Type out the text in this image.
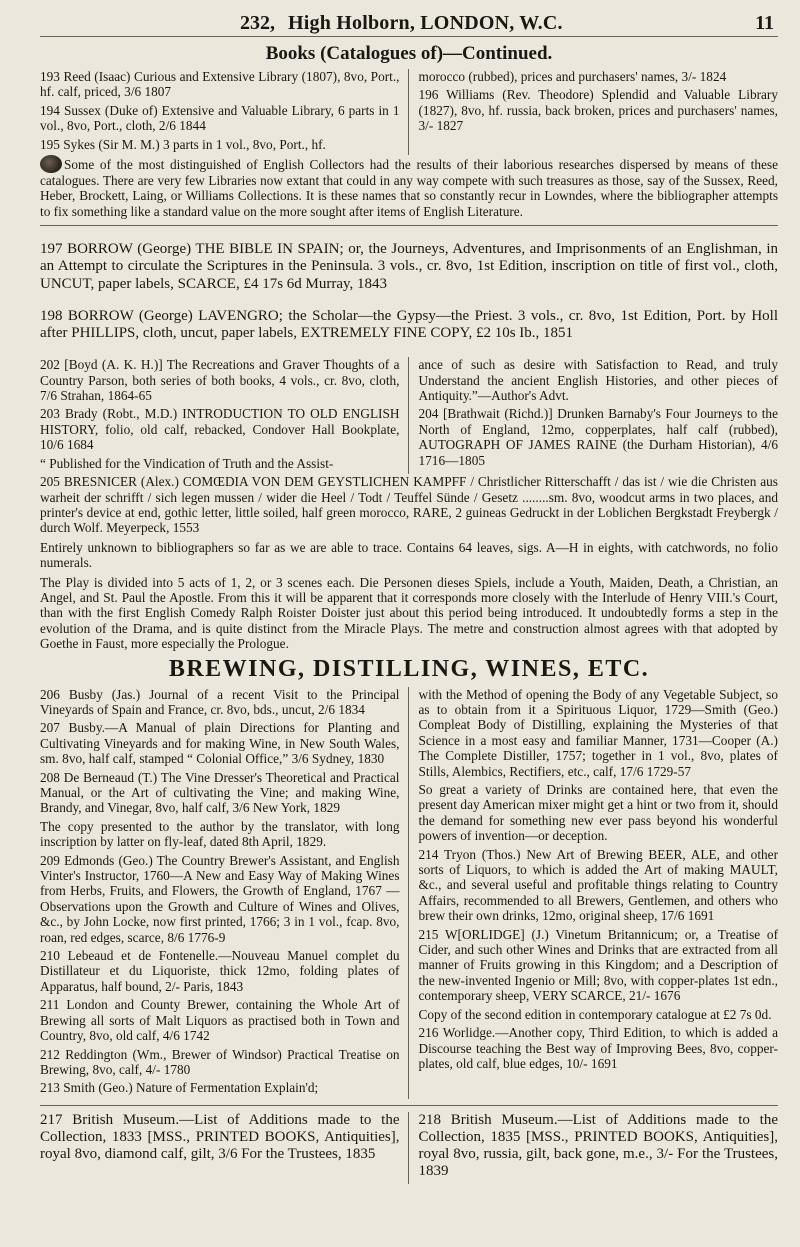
232, High Holborn, LONDON, W.C.	11
Books (Catalogues of)—Continued.

193 Reed (Isaac) Curious and Extensive Library (1807), 8vo, Port., hf. calf, priced, 3/6 1807

194 Sussex (Duke of) Extensive and Valuable Library, 6 parts in 1 vol., 8vo, Port., cloth, 2/6 1844

195 Sykes (Sir M. M.) 3 parts in 1 vol., 8vo, Port., hf.

morocco (rubbed), prices and purchasers' names, 3/- 1824

196 Williams (Rev. Theodore) Splendid and Valuable Library (1827), 8vo, hf. russia, back broken, prices and purchasers' names, 3/- 1827

Some of the most distinguished of English Collectors had the results of their laborious researches dispersed by means of these catalogues. There are very few Libraries now extant that could in any way compete with such treasures as those, say of the Sussex, Reed, Heber, Brockett, Laing, or Williams Collections. It is these names that so constantly recur in Lowndes, where the bibliographer attempts to fix something like a standard value on the more sought after items of English Literature.

197 BORROW (George) THE BIBLE IN SPAIN; or, the Journeys, Adventures, and Imprisonments of an Englishman, in an Attempt to circulate the Scriptures in the Peninsula. 3 vols., cr. 8vo, 1st Edition, inscription on title of first vol., cloth, UNCUT, paper labels, SCARCE, £4 17s 6d Murray, 1843

198 BORROW (George) LAVENGRO; the Scholar—the Gypsy—the Priest. 3 vols., cr. 8vo, 1st Edition, Port. by Holl after PHILLIPS, cloth, uncut, paper labels, EXTREMELY FINE COPY, £2 10s Ib., 1851

202 [Boyd (A. K. H.)] The Recreations and Graver Thoughts of a Country Parson, both series of both books, 4 vols., cr. 8vo, cloth, 7/6 Strahan, 1864-65

203 Brady (Robt., M.D.) INTRODUCTION TO OLD ENGLISH HISTORY, folio, old calf, rebacked, Condover Hall Bookplate, 10/6 1684

“ Published for the Vindication of Truth and the Assist-

ance of such as desire with Satisfaction to Read, and truly Understand the ancient English Histories, and other pieces of Antiquity.”—Author's Advt.

204 [Brathwait (Richd.)] Drunken Barnaby's Four Journeys to the North of England, 12mo, copperplates, half calf (rubbed), AUTOGRAPH OF JAMES RAINE (the Durham Historian), 4/6 1716—1805

205 BRESNICER (Alex.) COMŒDIA VON DEM GEYSTLICHEN KAMPFF / Christlicher Ritterschafft / das ist / wie die Christen aus warheit der schrifft / sich legen mussen / wider die Heel / Todt / Teuffel Sünde / Gesetz ........sm. 8vo, woodcut arms in two places, and printer's device at end, gothic letter, little soiled, half green morocco, RARE, 2 guineas Gedruckt in der Loblichen Bergkstadt Freybergk / durch Wolf. Meyerpeck, 1553

Entirely unknown to bibliographers so far as we are able to trace. Contains 64 leaves, sigs. A—H in eights, with catchwords, no folio numerals.

The Play is divided into 5 acts of 1, 2, or 3 scenes each. Die Personen dieses Spiels, include a Youth, Maiden, Death, a Christian, an Angel, and St. Paul the Apostle. From this it will be apparent that it corresponds more closely with the Interlude of Henry VIII.'s Court, than with the first English Comedy Ralph Roister Doister just about this period being introduced. It undoubtedly forms a step in the evolution of the Drama, and is quite distinct from the Miracle Plays. The metre and construction almost agrees with that adopted by Goethe in Faust, more especially the Prologue.

BREWING, DISTILLING, WINES, ETC.

206 Busby (Jas.) Journal of a recent Visit to the Principal Vineyards of Spain and France, cr. 8vo, bds., uncut, 2/6 1834

207 Busby.—A Manual of plain Directions for Planting and Cultivating Vineyards and for making Wine, in New South Wales, sm. 8vo, half calf, stamped “ Colonial Office,” 3/6 Sydney, 1830

208 De Berneaud (T.) The Vine Dresser's Theoretical and Practical Manual, or the Art of cultivating the Vine; and making Wine, Brandy, and Vinegar, 8vo, half calf, 3/6 New York, 1829

The copy presented to the author by the translator, with long inscription by latter on fly-leaf, dated 8th April, 1829.

209 Edmonds (Geo.) The Country Brewer's Assistant, and English Vinter's Instructor, 1760—A New and Easy Way of Making Wines from Herbs, Fruits, and Flowers, the Growth of England, 1767 — Observations upon the Growth and Culture of Wines and Olives, &c., by John Locke, now first printed, 1766; 3 in 1 vol., fcap. 8vo, roan, red edges, scarce, 8/6 1776-9

210 Lebeaud et de Fontenelle.—Nouveau Manuel complet du Distillateur et du Liquoriste, thick 12mo, folding plates of Apparatus, half bound, 2/- Paris, 1843

211 London and County Brewer, containing the Whole Art of Brewing all sorts of Malt Liquors as practised both in Town and Country, 8vo, old calf, 4/6 1742

212 Reddington (Wm., Brewer of Windsor) Practical Treatise on Brewing, 8vo, calf, 4/- 1780

213 Smith (Geo.) Nature of Fermentation Explain'd;

with the Method of opening the Body of any Vegetable Subject, so as to obtain from it a Spirituous Liquor, 1729—Smith (Geo.) Compleat Body of Distilling, explaining the Mysteries of that Science in a most easy and familiar Manner, 1731—Cooper (A.) The Complete Distiller, 1757; together in 1 vol., 8vo, plates of Stills, Alembics, Rectifiers, etc., calf, 17/6 1729-57

So great a variety of Drinks are contained here, that even the present day American mixer might get a hint or two from it, should the demand for something new ever pass beyond his wonderful powers of invention—or deception.

214 Tryon (Thos.) New Art of Brewing BEER, ALE, and other sorts of Liquors, to which is added the Art of making MAULT, &c., and several useful and profitable things relating to Country Affairs, recommended to all Brewers, Gentlemen, and others who brew their own drinks, 12mo, original sheep, 17/6 1691

215 W[ORLIDGE] (J.) Vinetum Britannicum; or, a Treatise of Cider, and such other Wines and Drinks that are extracted from all manner of Fruits growing in this Kingdom; and a Description of the new-invented Ingenio or Mill; 8vo, with copper-plates 1st edn., contemporary sheep, VERY SCARCE, 21/- 1676

Copy of the second edition in contemporary catalogue at £2 7s 0d.

216 Worlidge.—Another copy, Third Edition, to which is added a Discourse teaching the Best way of Improving Bees, 8vo, copper-plates, old calf, blue edges, 10/- 1691

217 British Museum.—List of Additions made to the Collection, 1833 [MSS., PRINTED BOOKS, Antiquities], royal 8vo, diamond calf, gilt, 3/6 For the Trustees, 1835

218 British Museum.—List of Additions made to the Collection, 1835 [MSS., PRINTED BOOKS, Antiquities], royal 8vo, russia, gilt, back gone, m.e., 3/- For the Trustees, 1839
